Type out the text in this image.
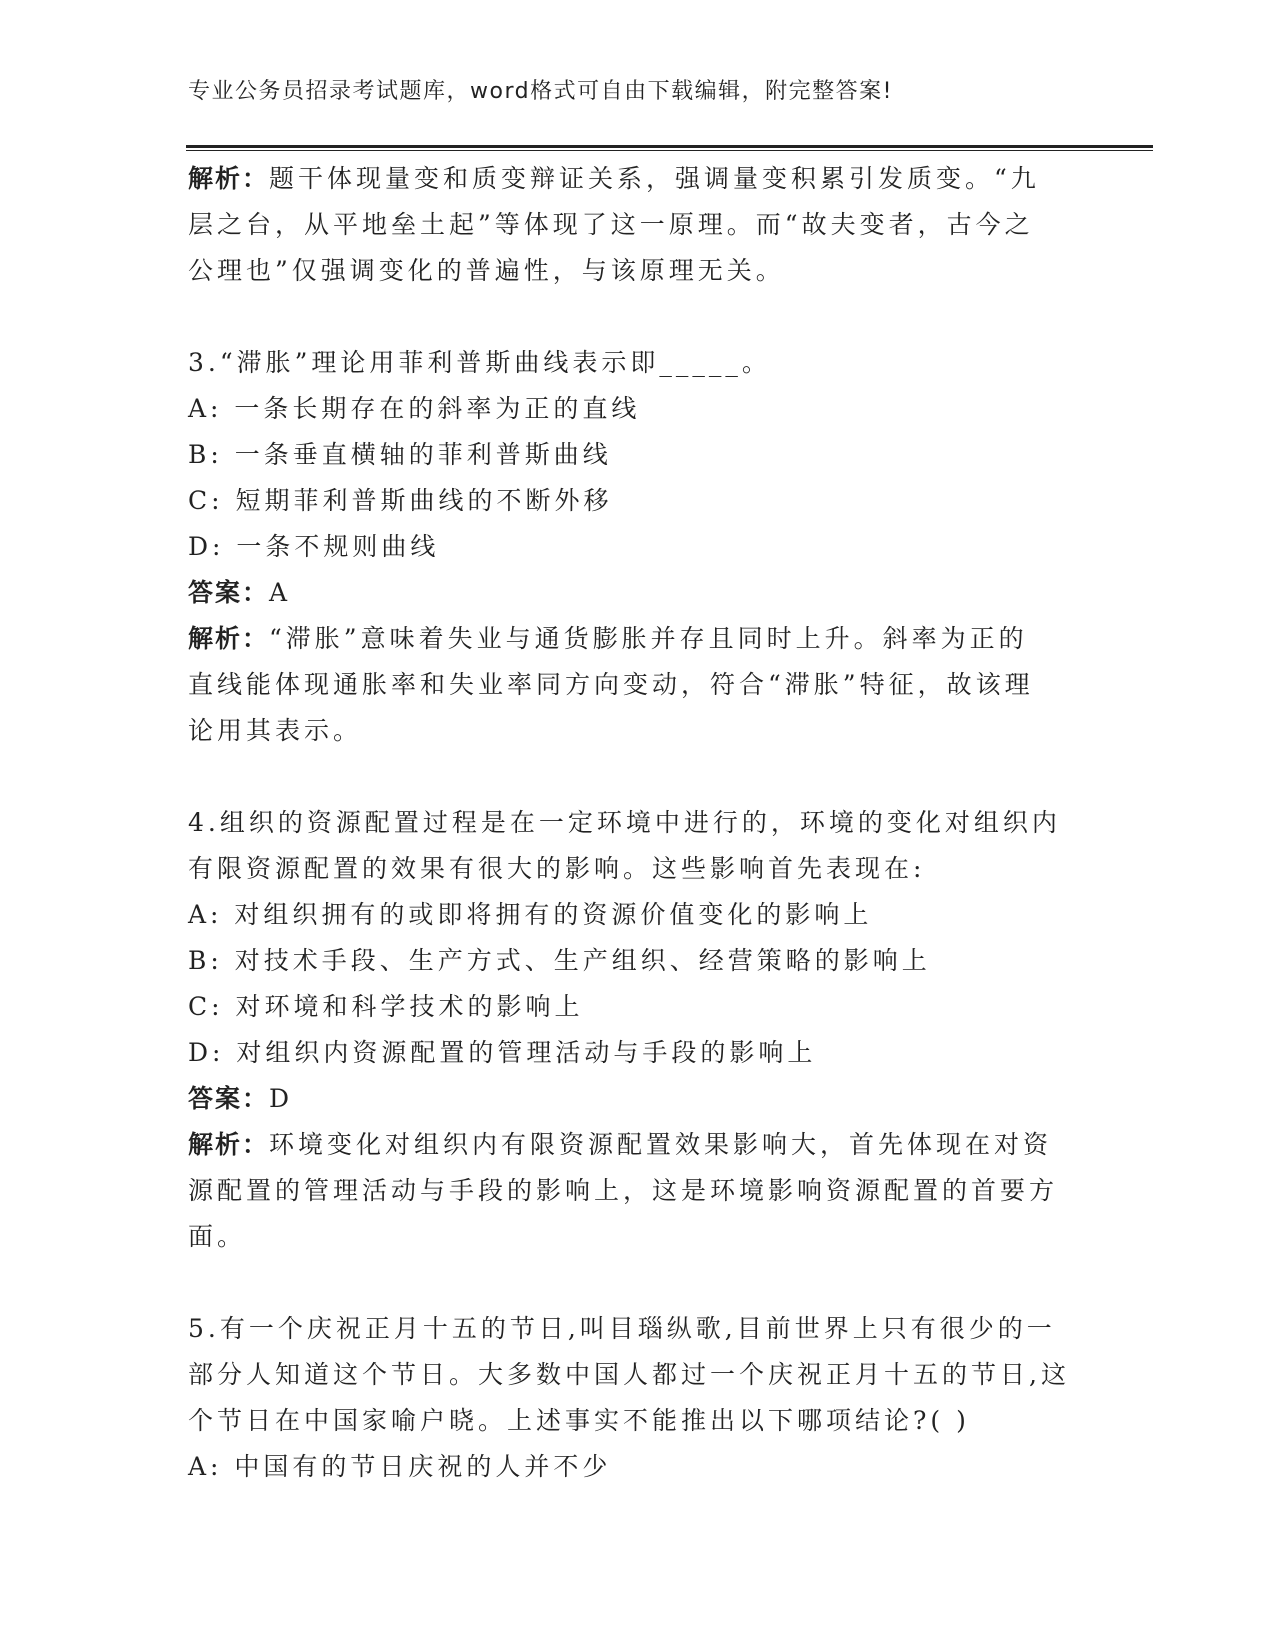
专业公务员招录考试题库，word格式可自由下载编辑，附完整答案!
解析：题干体现量变和质变辩证关系，强调量变积累引发质变。“九
层之台，从平地垒土起”等体现了这一原理。而“故夫变者，古今之
公理也”仅强调变化的普遍性，与该原理无关。
3.“滞胀”理论用菲利普斯曲线表示即_____。
A: 一条长期存在的斜率为正的直线
B: 一条垂直横轴的菲利普斯曲线
C: 短期菲利普斯曲线的不断外移
D: 一条不规则曲线
答案：A
解析：“滞胀”意味着失业与通货膨胀并存且同时上升。斜率为正的
直线能体现通胀率和失业率同方向变动，符合“滞胀”特征，故该理
论用其表示。
4.组织的资源配置过程是在一定环境中进行的，环境的变化对组织内
有限资源配置的效果有很大的影响。这些影响首先表现在:
A: 对组织拥有的或即将拥有的资源价值变化的影响上
B: 对技术手段、生产方式、生产组织、经营策略的影响上
C: 对环境和科学技术的影响上
D: 对组织内资源配置的管理活动与手段的影响上
答案：D
解析：环境变化对组织内有限资源配置效果影响大，首先体现在对资
源配置的管理活动与手段的影响上，这是环境影响资源配置的首要方
面。
5.有一个庆祝正月十五的节日,叫目瑙纵歌,目前世界上只有很少的一
部分人知道这个节日。大多数中国人都过一个庆祝正月十五的节日,这
个节日在中国家喻户晓。上述事实不能推出以下哪项结论?( )
A: 中国有的节日庆祝的人并不少
